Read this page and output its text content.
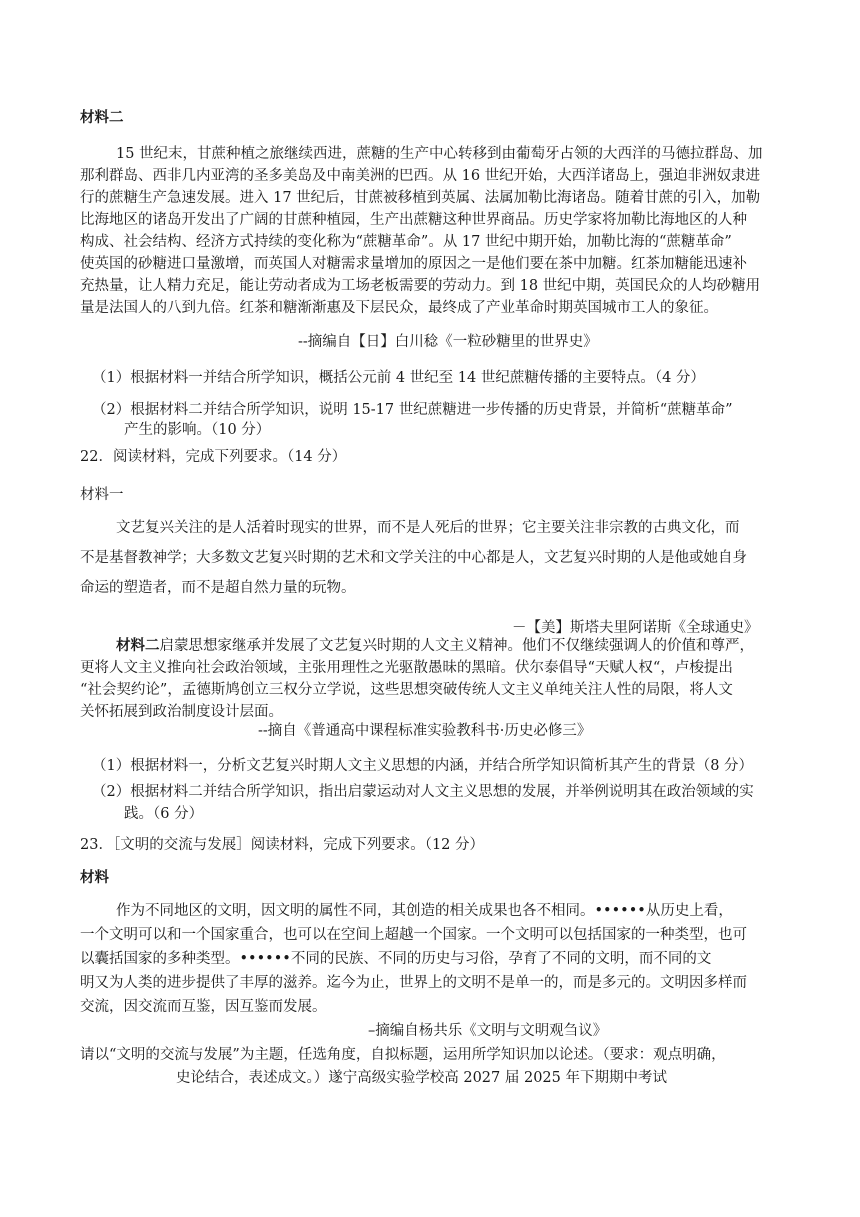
材料二
15 世纪末，甘蔗种植之旅继续西进，蔗糖的生产中心转移到由葡萄牙占领的大西洋的马德拉群岛、加
那利群岛、西非几内亚湾的圣多美岛及中南美洲的巴西。从 16 世纪开始，大西洋诸岛上，强迫非洲奴隶进
行的蔗糖生产急速发展。进入 17 世纪后，甘蔗被移植到英属、法属加勒比海诸岛。随着甘蔗的引入，加勒
比海地区的诸岛开发出了广阔的甘蔗种植园，生产出蔗糖这种世界商品。历史学家将加勒比海地区的人种
构成、社会结构、经济方式持续的变化称为“蔗糖革命”。从 17 世纪中期开始，加勒比海的“蔗糖革命”
使英国的砂糖进口量激增，而英国人对糖需求量增加的原因之一是他们要在茶中加糖。红茶加糖能迅速补
充热量，让人精力充足，能让劳动者成为工场老板需要的劳动力。到 18 世纪中期，英国民众的人均砂糖用
量是法国人的八到九倍。红茶和糖渐渐惠及下层民众，最终成了产业革命时期英国城市工人的象征。
--摘编自【日】白川稔《一粒砂糖里的世界史》
（1）根据材料一并结合所学知识，概括公元前 4 世纪至 14 世纪蔗糖传播的主要特点。（4 分）
（2）根据材料二并结合所学知识，说明 15-17 世纪蔗糖进一步传播的历史背景，并简析“蔗糖革命”
产生的影响。（10 分）
22．阅读材料，完成下列要求。（14 分）
材料一
文艺复兴关注的是人活着时现实的世界，而不是人死后的世界；它主要关注非宗教的古典文化，而
不是基督教神学；大多数文艺复兴时期的艺术和文学关注的中心都是人，文艺复兴时期的人是他或她自身
命运的塑造者，而不是超自然力量的玩物。
－【美】斯塔夫里阿诺斯《全球通史》
材料二启蒙思想家继承并发展了文艺复兴时期的人文主义精神。他们不仅继续强调人的价值和尊严，
更将人文主义推向社会政治领域，主张用理性之光驱散愚昧的黑暗。伏尔泰倡导“天赋人权“，卢梭提出
“社会契约论”，孟德斯鸠创立三权分立学说，这些思想突破传统人文主义单纯关注人性的局限，将人文
关怀拓展到政治制度设计层面。
--摘自《普通高中课程标准实验教科书·历史必修三》
（1）根据材料一，分析文艺复兴时期人文主义思想的内涵，并结合所学知识简析其产生的背景（8 分）
（2）根据材料二并结合所学知识，指出启蒙运动对人文主义思想的发展，并举例说明其在政治领域的实
践。（6 分）
23．［文明的交流与发展］阅读材料，完成下列要求。（12 分）
材料
作为不同地区的文明，因文明的属性不同，其创造的相关成果也各不相同。••••••从历史上看，
一个文明可以和一个国家重合，也可以在空间上超越一个国家。一个文明可以包括国家的一种类型，也可
以囊括国家的多种类型。••••••不同的民族、不同的历史与习俗，孕育了不同的文明，而不同的文
明又为人类的进步提供了丰厚的滋养。迄今为止，世界上的文明不是单一的，而是多元的。文明因多样而
交流，因交流而互鉴，因互鉴而发展。
–摘编自杨共乐《文明与文明观刍议》
请以“文明的交流与发展”为主题，任选角度，自拟标题，运用所学知识加以论述。（要求：观点明确，
史论结合，表述成文。）遂宁高级实验学校高 2027 届 2025 年下期期中考试
